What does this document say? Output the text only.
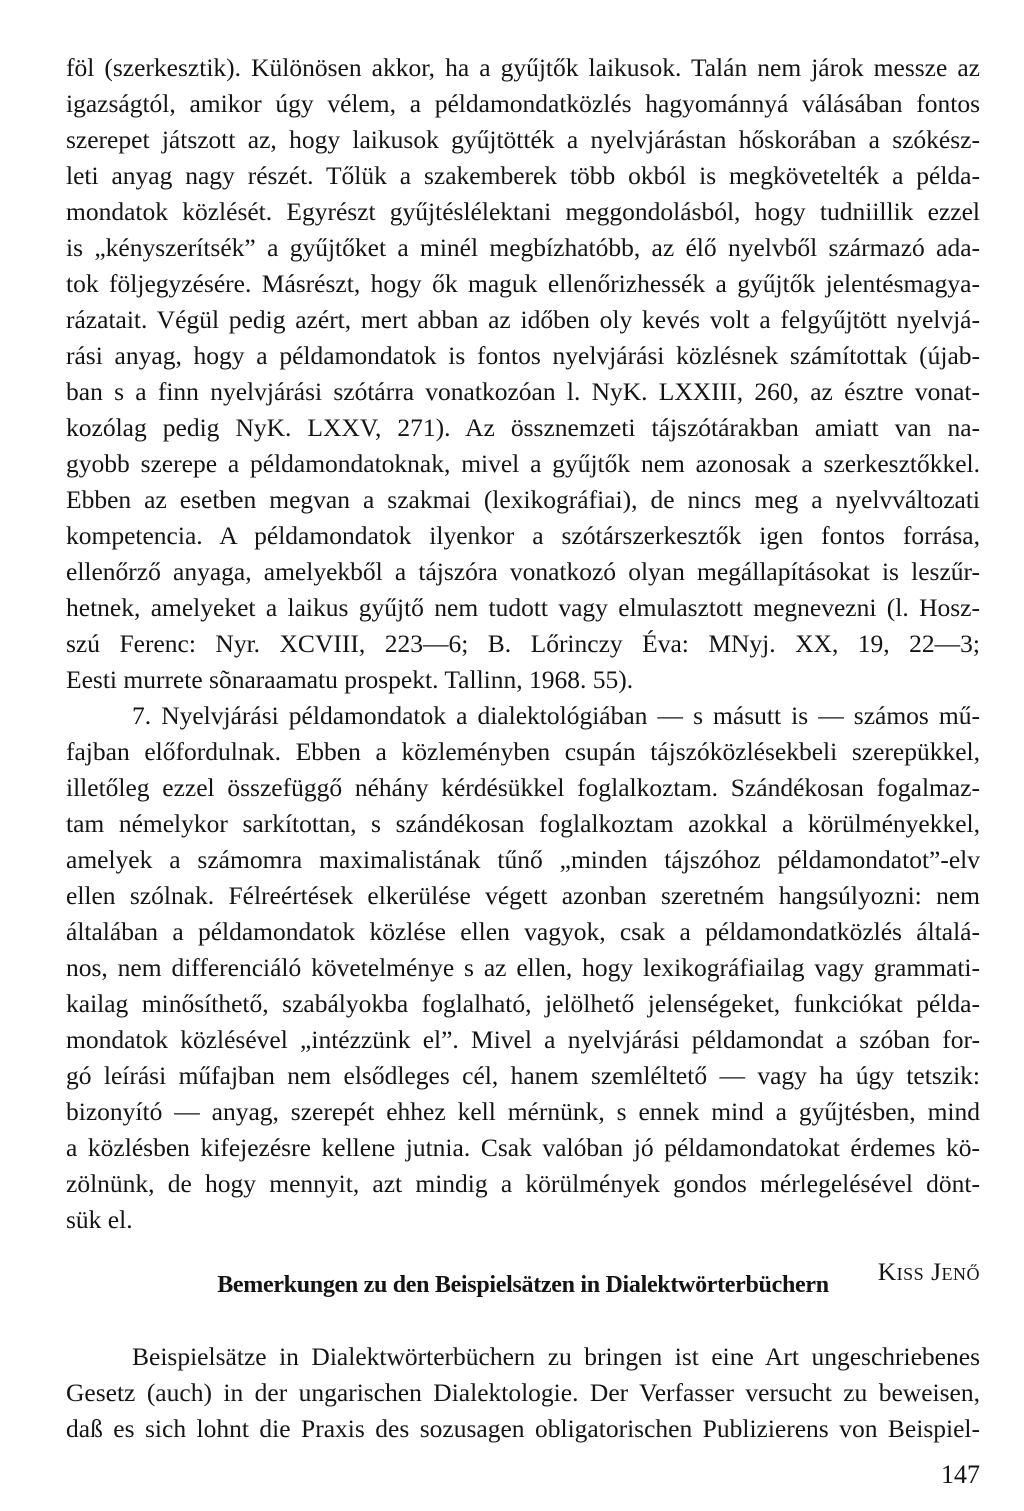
föl (szerkesztik). Különösen akkor, ha a gyűjtők laikusok. Talán nem járok messze az
igazságtól, amikor úgy vélem, a példamondatközlés hagyománnyá válásában fontos
szerepet játszott az, hogy laikusok gyűjtötték a nyelvjárástan hőskorában a szókész-
leti anyag nagy részét. Tőlük a szakemberek több okból is megkövetelték a példa-
mondatok közlését. Egyrészt gyűjtéslélektani meggondolásból, hogy tudniillik ezzel
is „kényszerítsék” a gyűjtőket a minél megbízhatóbb, az élő nyelvből származó ada-
tok följegyzésére. Másrészt, hogy ők maguk ellenőrizhessék a gyűjtők jelentésmagya-
rázatait. Végül pedig azért, mert abban az időben oly kevés volt a felgyűjtött nyelvjá-
rási anyag, hogy a példamondatok is fontos nyelvjárási közlésnek számítottak (újab-
ban s a finn nyelvjárási szótárra vonatkozóan l. NyK. LXXIII, 260, az észtre vonat-
kozólag pedig NyK. LXXV, 271). Az össznemzeti tájszótárakban amiatt van na-
gyobb szerepe a példamondatoknak, mivel a gyűjtők nem azonosak a szerkesztőkkel.
Ebben az esetben megvan a szakmai (lexikográfiai), de nincs meg a nyelvváltozati
kompetencia. A példamondatok ilyenkor a szótárszerkesztők igen fontos forrása,
ellenőrző anyaga, amelyekből a tájszóra vonatkozó olyan megállapításokat is leszűr-
hetnek, amelyeket a laikus gyűjtő nem tudott vagy elmulasztott megnevezni (l. Hosz-
szú Ferenc: Nyr. XCVIII, 223—6; B. Lőrinczy Éva: MNyj. XX, 19, 22—3;
Eesti murrete sõnaraamatu prospekt. Tallinn, 1968. 55).

7. Nyelvjárási példamondatok a dialektológiában — s másutt is — számos mű-
fajban előfordulnak. Ebben a közleményben csupán tájszóközlésekbeli szerepükkel,
illetőleg ezzel összefüggő néhány kérdésükkel foglalkoztam. Szándékosan fogalmaz-
tam némelykor sarkítottan, s szándékosan foglalkoztam azokkal a körülményekkel,
amelyek a számomra maximalistának tűnő „minden tájszóhoz példamondatot”-elv
ellen szólnak. Félreértések elkerülése végett azonban szeretném hangsúlyozni: nem
általában a példamondatok közlése ellen vagyok, csak a példamondatközlés általá-
nos, nem differenciáló követelménye s az ellen, hogy lexikográfiailag vagy grammati-
kailag minősíthető, szabályokba foglalható, jelölhető jelenségeket, funkciókat példa-
mondatok közlésével „intézzünk el”. Mivel a nyelvjárási példamondat a szóban for-
gó leírási műfajban nem elsődleges cél, hanem szemléltető — vagy ha úgy tetszik:
bizonyító — anyag, szerepét ehhez kell mérnünk, s ennek mind a gyűjtésben, mind
a közlésben kifejezésre kellene jutnia. Csak valóban jó példamondatokat érdemes kö-
zölnünk, de hogy mennyit, azt mindig a körülmények gondos mérlegelésével dönt-
sük el.

Kiss Jenő
Bemerkungen zu den Beispielsätzen in Dialektwörterbüchern

Beispielsätze in Dialektwörterbüchern zu bringen ist eine Art ungeschriebenes
Gesetz (auch) in der ungarischen Dialektologie. Der Verfasser versucht zu beweisen,
daß es sich lohnt die Praxis des sozusagen obligatorischen Publizierens von Beispiel-

147
